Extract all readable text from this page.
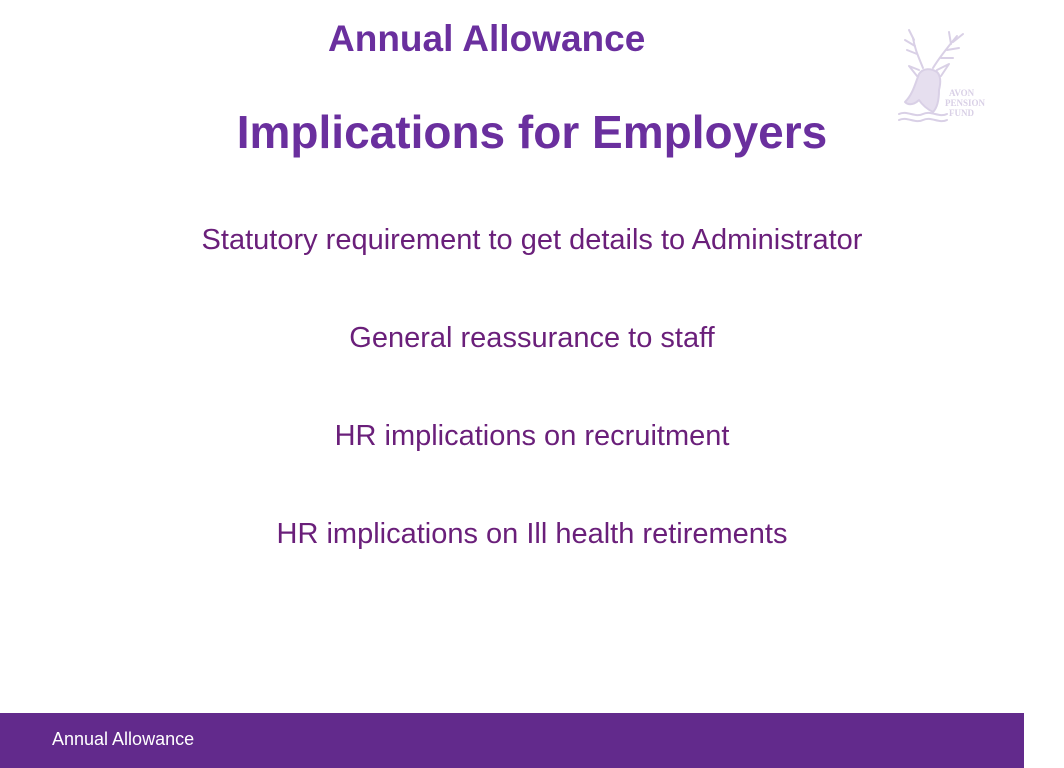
Annual Allowance
AVON
PENSION
FUND
Implications for Employers
Statutory requirement to get details to Administrator
General reassurance to staff
HR implications on recruitment
HR implications on Ill health retirements
Annual Allowance
